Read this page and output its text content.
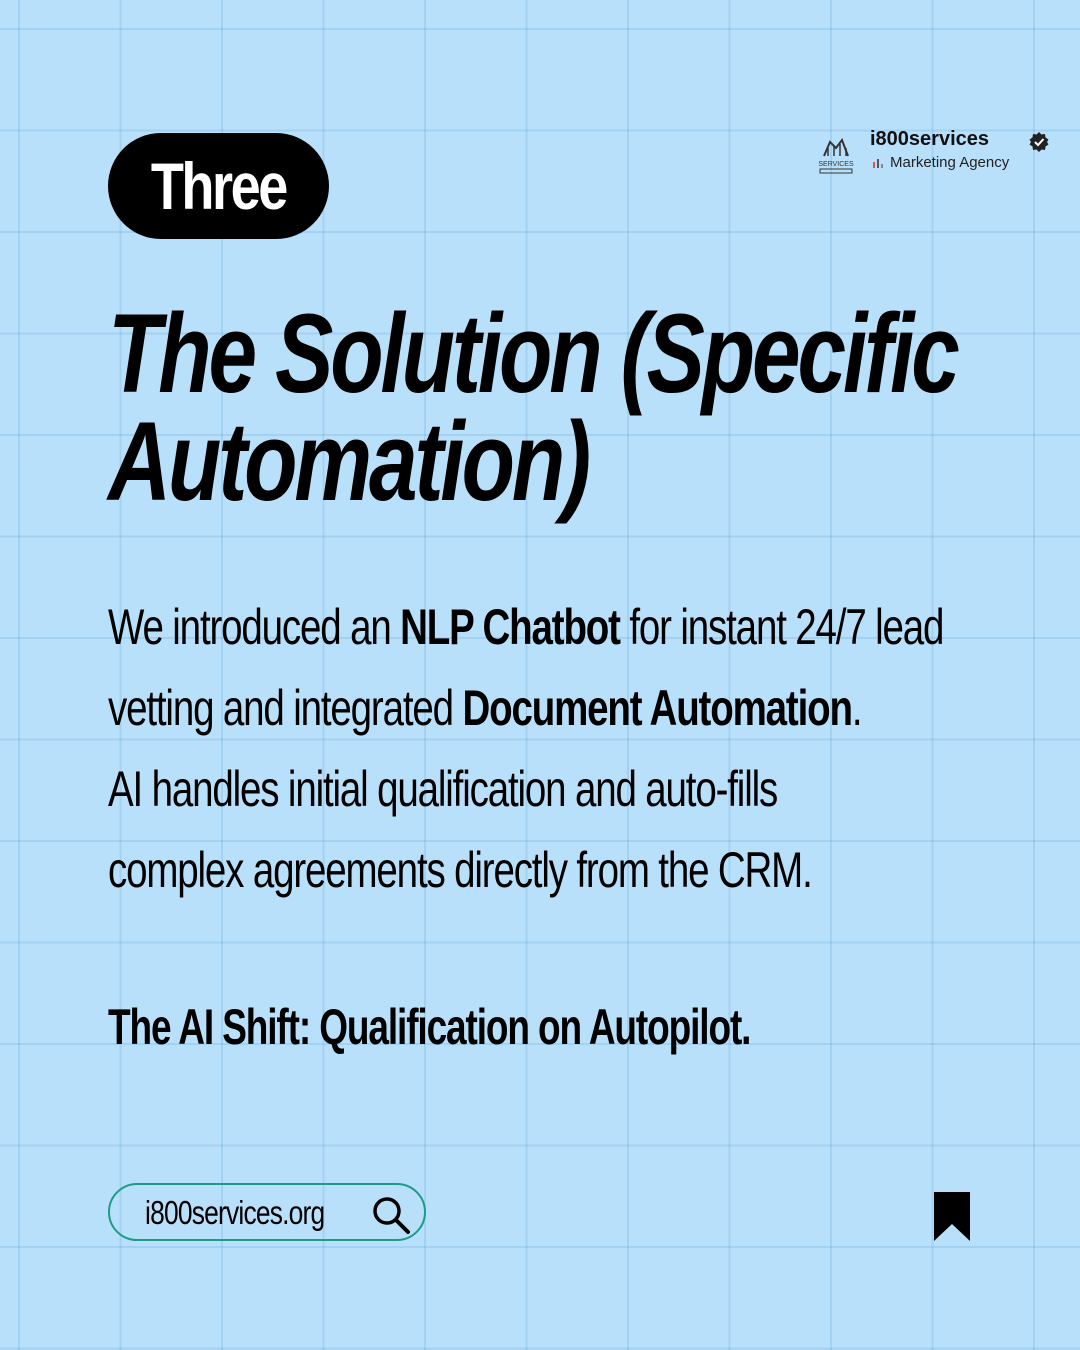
Three	SERVICES
i800services
Marketing Agency
The Solution (Specific
Automation)

We introduced an NLP Chatbot for instant 24/7 lead
vetting and integrated Document Automation.
AI handles initial qualification and auto-fills
complex agreements directly from the CRM.

The AI Shift: Qualification on Autopilot.

i800services.org
